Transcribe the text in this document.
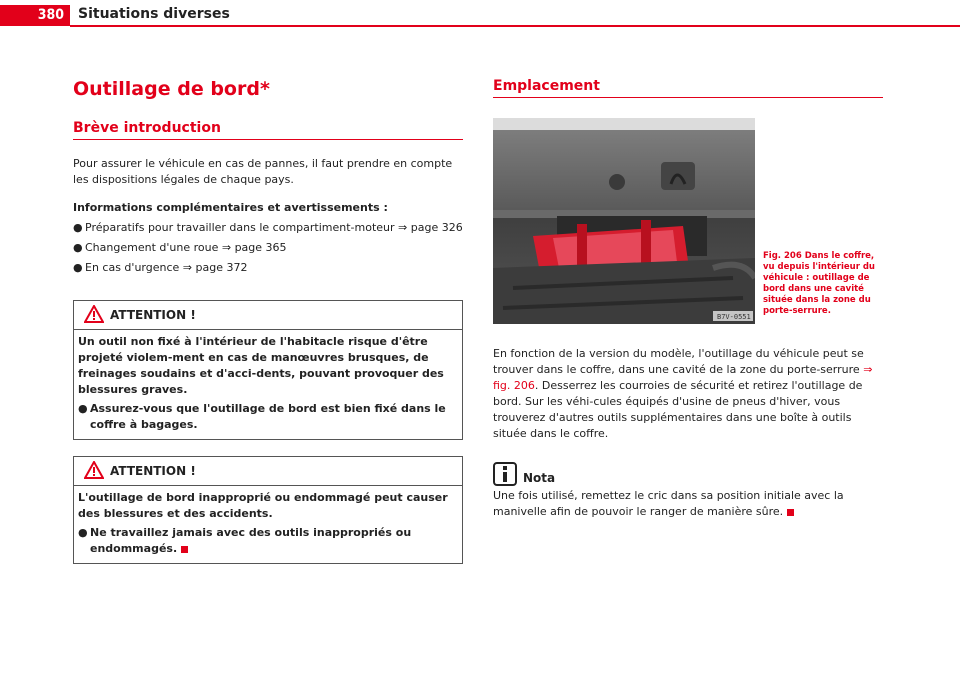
380	Situations diverses
Outillage de bord*
Brève introduction

Pour assurer le véhicule en cas de pannes, il faut prendre en compte les dispositions légales de chaque pays.

Informations complémentaires et avertissements :

● Préparatifs pour travailler dans le compartiment-moteur ⇒ page 326
● Changement d'une roue ⇒ page 365
● En cas d'urgence ⇒ page 372
ATTENTION !
Un outil non fixé à l'intérieur de l'habitacle risque d'être projeté violem-ment en cas de manœuvres brusques, de freinages soudains et d'acci-dents, pouvant provoquer des blessures graves.
● Assurez-vous que l'outillage de bord est bien fixé dans le coffre à bagages.
ATTENTION !
L'outillage de bord inapproprié ou endommagé peut causer des blessures et des accidents.
● Ne travaillez jamais avec des outils inappropriés ou endommagés.
Emplacement
B7V-0551
Fig. 206 Dans le coffre, vu depuis l'intérieur du véhicule : outillage de bord dans une cavité située dans la zone du porte-serrure.

En fonction de la version du modèle, l'outillage du véhicule peut se trouver dans le coffre, dans une cavité de la zone du porte-serrure ⇒ fig. 206. Desserrez les courroies de sécurité et retirez l'outillage de bord. Sur les véhi-cules équipés d'usine de pneus d'hiver, vous trouverez d'autres outils supplémentaires dans une boîte à outils située dans le coffre.

Nota

Une fois utilisé, remettez le cric dans sa position initiale avec la manivelle afin de pouvoir le ranger de manière sûre.
